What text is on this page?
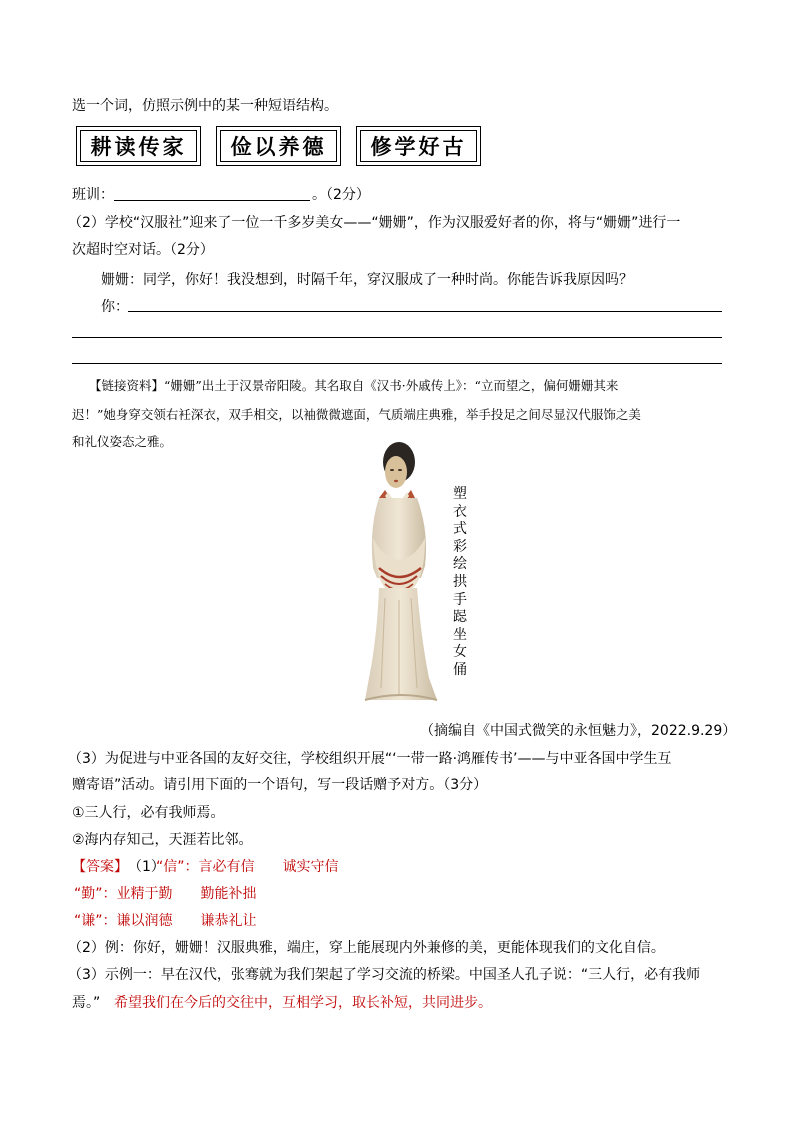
选一个词，仿照示例中的某一种短语结构。
耕读传家	俭以养德	修学好古
班训：	。（2分）
（2）学校“汉服社”迎来了一位一千多岁美女——“姗姗”，作为汉服爱好者的你，将与“姗姗”进行一
次超时空对话。（2分）
姗姗：同学，你好！我没想到，时隔千年，穿汉服成了一种时尚。你能告诉我原因吗？
你：
【链接资料】“姗姗”出土于汉景帝阳陵。其名取自《汉书·外戚传上》：“立而望之，偏何姗姗其来
迟！”她身穿交领右衽深衣，双手相交，以袖微微遮面，气质端庄典雅，举手投足之间尽显汉代服饰之美
和礼仪姿态之雅。
塑衣式彩绘拱手跽坐女俑
（摘编自《中国式微笑的永恒魅力》，2022.9.29）
（3）为促进与中亚各国的友好交往，学校组织开展“‘一带一路·鸿雁传书’——与中亚各国中学生互
赠寄语”活动。请引用下面的一个语句，写一段话赠予对方。（3分）
①三人行，必有我师焉。
②海内存知己，天涯若比邻。
【答案】 （1）
“信”：言必有信　　诚实守信
“勤”：业精于勤　　勤能补拙
“谦”：谦以润德　　谦恭礼让
（2）例：你好，姗姗！汉服典雅，端庄，穿上能展现内外兼修的美，更能体现我们的文化自信。
（3）示例一：早在汉代，张骞就为我们架起了学习交流的桥梁。中国圣人孔子说：“三人行，必有我师
焉。” 希望我们在今后的交往中，互相学习，取长补短，共同进步。
